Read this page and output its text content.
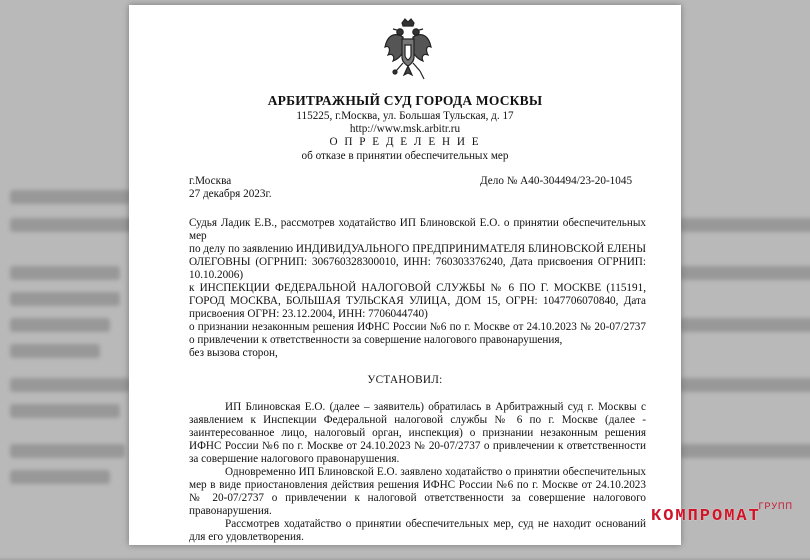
АРБИТРАЖНЫЙ СУД ГОРОДА МОСКВЫ
115225, г.Москва, ул. Большая Тульская, д. 17
http://www.msk.arbitr.ru
О П Р Е Д Е Л Е Н И Е
об отказе в принятии обеспечительных мер
г.Москва
27 декабря 2023г.
Дело № А40-304494/23-20-1045
Судья Ладик Е.В., рассмотрев ходатайство ИП Блиновской Е.О. о принятии обеспечительных мер
по делу по заявлению ИНДИВИДУАЛЬНОГО ПРЕДПРИНИМАТЕЛЯ БЛИНОВСКОЙ ЕЛЕНЫ ОЛЕГОВНЫ (ОГРНИП: 306760328300010, ИНН: 760303376240, Дата присвоения ОГРНИП: 10.10.2006)
к ИНСПЕКЦИИ ФЕДЕРАЛЬНОЙ НАЛОГОВОЙ СЛУЖБЫ № 6 ПО Г. МОСКВЕ (115191, ГОРОД МОСКВА, БОЛЬШАЯ ТУЛЬСКАЯ УЛИЦА, ДОМ 15, ОГРН: 1047706070840, Дата присвоения ОГРН: 23.12.2004, ИНН: 7706044740)
о признании незаконным решения ИФНС России №6 по г. Москве от 24.10.2023 № 20-07/2737 о привлечении к ответственности за совершение налогового правонарушения,
без вызова сторон,
УСТАНОВИЛ:
ИП Блиновская Е.О. (далее – заявитель) обратилась в Арбитражный суд г. Москвы с заявлением к Инспекции Федеральной налоговой службы № 6 по г. Москве (далее - заинтересованное лицо, налоговый орган, инспекция) о признании незаконным решения ИФНС России №6 по г. Москве от 24.10.2023 № 20-07/2737 о привлечении к ответственности за совершение налогового правонарушения.
Одновременно ИП Блиновской Е.О. заявлено ходатайство о принятии обеспечительных мер в виде приостановления действия решения ИФНС России №6 по г. Москве от 24.10.2023 № 20-07/2737 о привлечении к налоговой ответственности за совершение налогового правонарушения.
Рассмотрев ходатайство о принятии обеспечительных мер, суд не находит оснований для его удовлетворения.
ГРУПП
КОМПРОМАТ
